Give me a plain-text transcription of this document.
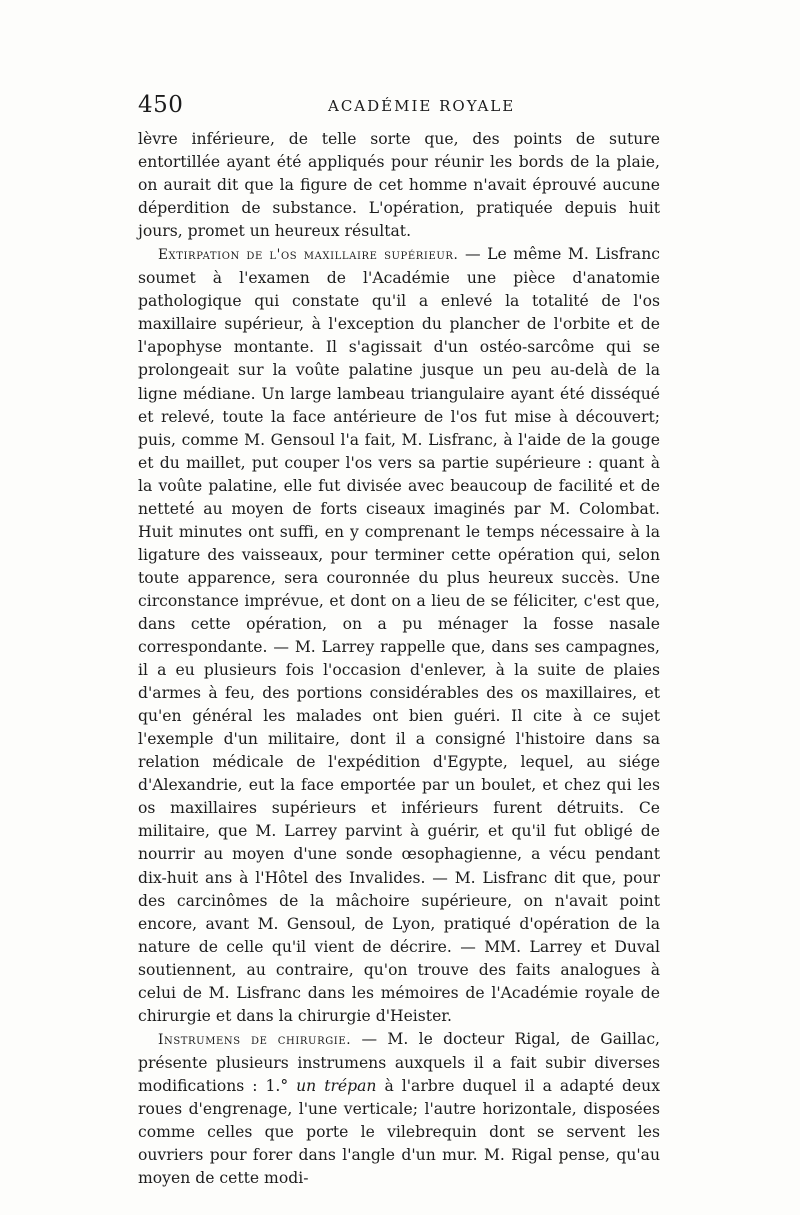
450	ACADÉMIE ROYALE

lèvre inférieure, de telle sorte que, des points de suture entortillée ayant été appliqués pour réunir les bords de la plaie, on aurait dit que la figure de cet homme n'avait éprouvé aucune déperdition de substance. L'opération, pratiquée depuis huit jours, promet un heureux résultat.

Extirpation de l'os maxillaire supérieur. — Le même M. Lisfranc soumet à l'examen de l'Académie une pièce d'anatomie pathologique qui constate qu'il a enlevé la totalité de l'os maxillaire supérieur, à l'exception du plancher de l'orbite et de l'apophyse montante. Il s'agissait d'un ostéo-sarcôme qui se prolongeait sur la voûte palatine jusque un peu au-delà de la ligne médiane. Un large lambeau triangulaire ayant été disséqué et relevé, toute la face antérieure de l'os fut mise à découvert; puis, comme M. Gensoul l'a fait, M. Lisfranc, à l'aide de la gouge et du maillet, put couper l'os vers sa partie supérieure : quant à la voûte palatine, elle fut divisée avec beaucoup de facilité et de netteté au moyen de forts ciseaux imaginés par M. Colombat. Huit minutes ont suffi, en y comprenant le temps nécessaire à la ligature des vaisseaux, pour terminer cette opération qui, selon toute apparence, sera couronnée du plus heureux succès. Une circonstance imprévue, et dont on a lieu de se féliciter, c'est que, dans cette opération, on a pu ménager la fosse nasale correspondante. — M. Larrey rappelle que, dans ses campagnes, il a eu plusieurs fois l'occasion d'enlever, à la suite de plaies d'armes à feu, des portions considérables des os maxillaires, et qu'en général les malades ont bien guéri. Il cite à ce sujet l'exemple d'un militaire, dont il a consigné l'histoire dans sa relation médicale de l'expédition d'Egypte, lequel, au siége d'Alexandrie, eut la face emportée par un boulet, et chez qui les os maxillaires supérieurs et inférieurs furent détruits. Ce militaire, que M. Larrey parvint à guérir, et qu'il fut obligé de nourrir au moyen d'une sonde œsophagienne, a vécu pendant dix-huit ans à l'Hôtel des Invalides. — M. Lisfranc dit que, pour des carcinômes de la mâchoire supérieure, on n'avait point encore, avant M. Gensoul, de Lyon, pratiqué d'opération de la nature de celle qu'il vient de décrire. — MM. Larrey et Duval soutiennent, au contraire, qu'on trouve des faits analogues à celui de M. Lisfranc dans les mémoires de l'Académie royale de chirurgie et dans la chirurgie d'Heister.

Instrumens de chirurgie. — M. le docteur Rigal, de Gaillac, présente plusieurs instrumens auxquels il a fait subir diverses modifications : 1.° un trépan à l'arbre duquel il a adapté deux roues d'engrenage, l'une verticale; l'autre horizontale, disposées comme celles que porte le vilebrequin dont se servent les ouvriers pour forer dans l'angle d'un mur. M. Rigal pense, qu'au moyen de cette modi-
